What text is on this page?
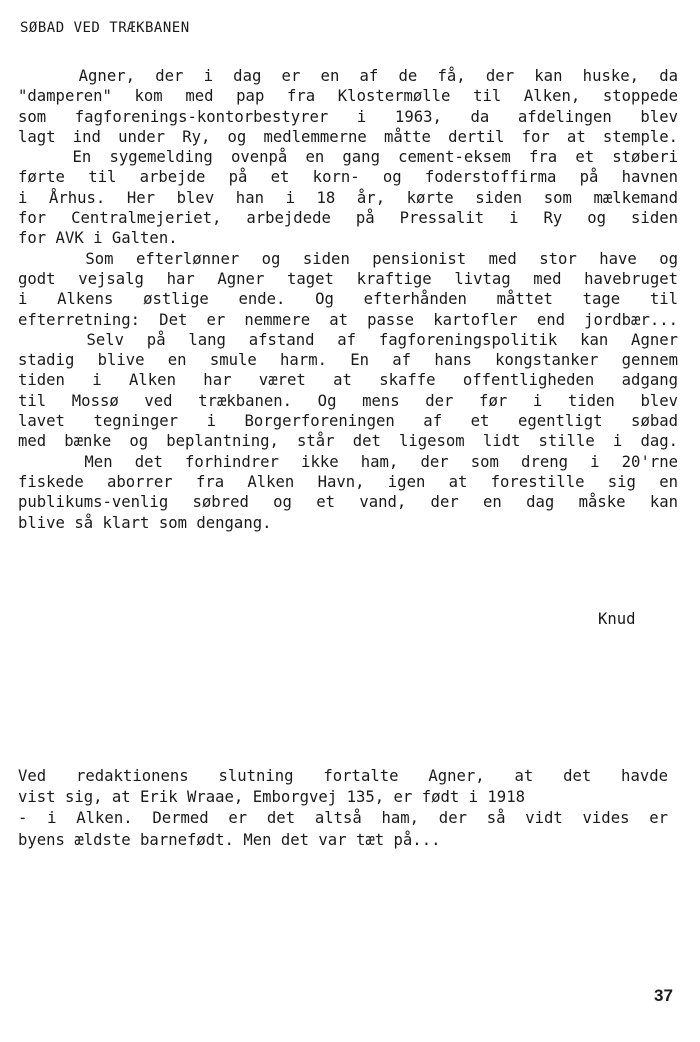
SØBAD VED TRÆKBANEN
Agner, der i dag er en af de få, der kan huske, da
"damperen" kom med pap fra Klostermølle til Alken, stoppede
som fagforenings-kontorbestyrer i 1963, da afdelingen blev
lagt ind under Ry, og medlemmerne måtte dertil for at stemple.
En sygemelding ovenpå en gang cement-eksem fra et støberi
førte til arbejde på et korn- og foderstoffirma på havnen
i Århus. Her blev han i 18 år, kørte siden som mælkemand
for Centralmejeriet, arbejdede på Pressalit i Ry og siden
for AVK i Galten.
Som efterlønner og siden pensionist med stor have og
godt vejsalg har Agner taget kraftige livtag med havebruget
i Alkens østlige ende. Og efterhånden måttet tage til
efterretning: Det er nemmere at passe kartofler end jordbær...
Selv på lang afstand af fagforeningspolitik kan Agner
stadig blive en smule harm. En af hans kongstanker gennem
tiden i Alken har været at skaffe offentligheden adgang
til Mossø ved trækbanen. Og mens der før i tiden blev
lavet tegninger i Borgerforeningen af et egentligt søbad
med bænke og beplantning, står det ligesom lidt stille i dag.
Men det forhindrer ikke ham, der som dreng i 20'rne
fiskede aborrer fra Alken Havn, igen at forestille sig en
publikums-venlig søbred og et vand, der en dag måske kan
blive så klart som dengang.
Knud
Ved redaktionens slutning fortalte Agner, at det havde
vist sig, at Erik Wraae, Emborgvej 135, er født i 1918
- i Alken. Dermed er det altså ham, der så vidt vides er
byens ældste barnefødt. Men det var tæt på...
37
